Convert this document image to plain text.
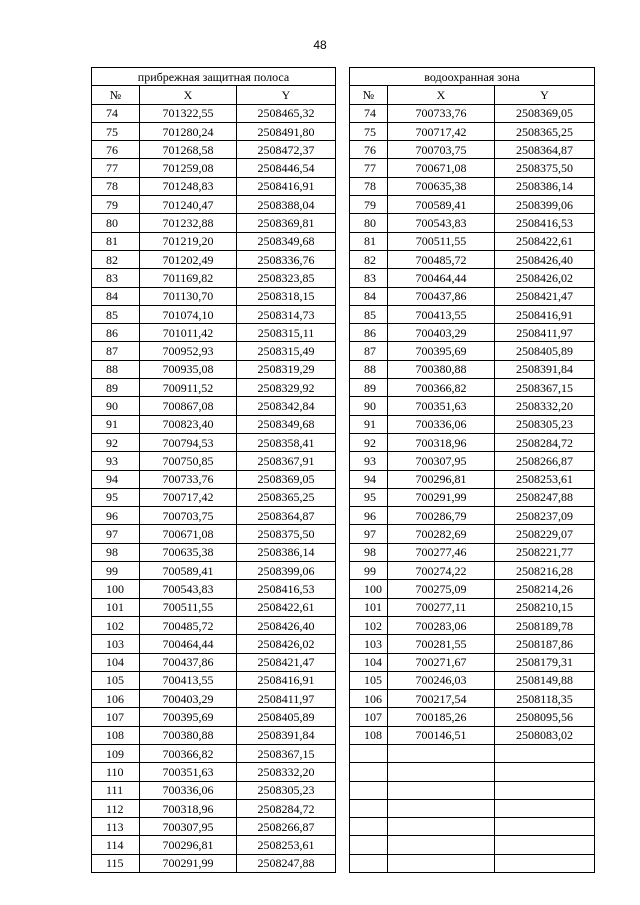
48
прибрежная защитная полоса				водоохранная зона		
№	X	Y		№	X	Y
74	701322,55	2508465,32		74	700733,76	2508369,05
75	701280,24	2508491,80		75	700717,42	2508365,25
76	701268,58	2508472,37		76	700703,75	2508364,87
77	701259,08	2508446,54		77	700671,08	2508375,50
78	701248,83	2508416,91		78	700635,38	2508386,14
79	701240,47	2508388,04		79	700589,41	2508399,06
80	701232,88	2508369,81		80	700543,83	2508416,53
81	701219,20	2508349,68		81	700511,55	2508422,61
82	701202,49	2508336,76		82	700485,72	2508426,40
83	701169,82	2508323,85		83	700464,44	2508426,02
84	701130,70	2508318,15		84	700437,86	2508421,47
85	701074,10	2508314,73		85	700413,55	2508416,91
86	701011,42	2508315,11		86	700403,29	2508411,97
87	700952,93	2508315,49		87	700395,69	2508405,89
88	700935,08	2508319,29		88	700380,88	2508391,84
89	700911,52	2508329,92		89	700366,82	2508367,15
90	700867,08	2508342,84		90	700351,63	2508332,20
91	700823,40	2508349,68		91	700336,06	2508305,23
92	700794,53	2508358,41		92	700318,96	2508284,72
93	700750,85	2508367,91		93	700307,95	2508266,87
94	700733,76	2508369,05		94	700296,81	2508253,61
95	700717,42	2508365,25		95	700291,99	2508247,88
96	700703,75	2508364,87		96	700286,79	2508237,09
97	700671,08	2508375,50		97	700282,69	2508229,07
98	700635,38	2508386,14		98	700277,46	2508221,77
99	700589,41	2508399,06		99	700274,22	2508216,28
100	700543,83	2508416,53		100	700275,09	2508214,26
101	700511,55	2508422,61		101	700277,11	2508210,15
102	700485,72	2508426,40		102	700283,06	2508189,78
103	700464,44	2508426,02		103	700281,55	2508187,86
104	700437,86	2508421,47		104	700271,67	2508179,31
105	700413,55	2508416,91		105	700246,03	2508149,88
106	700403,29	2508411,97		106	700217,54	2508118,35
107	700395,69	2508405,89		107	700185,26	2508095,56
108	700380,88	2508391,84		108	700146,51	2508083,02
109	700366,82	2508367,15				
110	700351,63	2508332,20				
111	700336,06	2508305,23				
112	700318,96	2508284,72				
113	700307,95	2508266,87				
114	700296,81	2508253,61				
115	700291,99	2508247,88				
